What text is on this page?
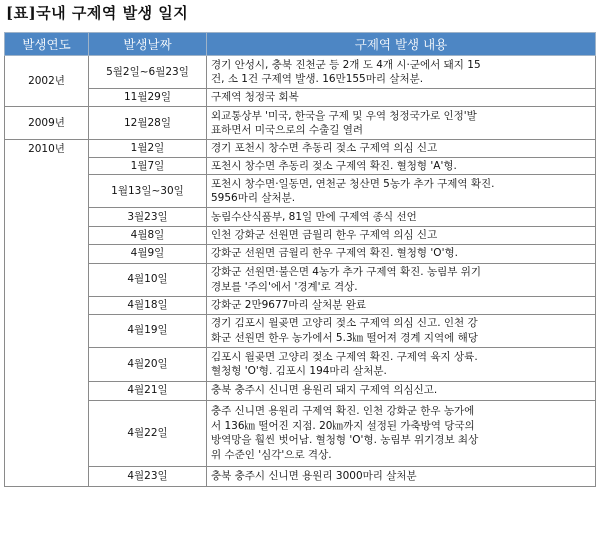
[표]국내 구제역 발생 일지
발생연도	발생날짜	구제역 발생 내용
2002년	5월2일~6월23일	경기 안성시, 충북 진천군 등 2개 도 4개 시·군에서 돼지 15
건, 소 1건 구제역 발생. 16만155마리 살처분.

	11월29일	구제역 청정국 회복

2009년	12월28일	외교통상부 '미국, 한국을 구제 및 우역 청정국가로 인정'발
표하면서 미국으로의 수출길 열려

2010년	1월2일	경기 포천시 창수면 추동리 젖소 구제역 의심 신고

	1월7일	포천시 창수면 추동리 젖소 구제역 확진. 혈청형 'A'형.

	1월13일~30일	포천시 창수면·일동면, 연천군 청산면 5농가 추가 구제역 확진.
5956마리 살처분.

	3월23일	농림수산식품부, 81일 만에 구제역 종식 선언

	4월8일	인천 강화군 선원면 금월리 한우 구제역 의심 신고

	4월9일	강화군 선원면 금월리 한우 구제역 확진. 혈청형 'O'형.

	4월10일	강화군 선원면·불은면 4농가 추가 구제역 확진. 농림부 위기
경보를 '주의'에서 '경계'로 격상.

	4월18일	강화군 2만9677마리 살처분 완료

	4월19일	경기 김포시 월곶면 고양리 젖소 구제역 의심 신고. 인천 강
화군 선원면 한우 농가에서 5.3㎞ 떨어져 경계 지역에 해당

	4월20일	김포시 월곶면 고양리 젖소 구제역 확진. 구제역 육지 상륙.
혈청형 'O'형. 김포시 194마리 살처분.

	4월21일	충북 충주시 신니면 용원리 돼지 구제역 의심신고.

	4월22일	충주 신니면 용원리 구제역 확진. 인천 강화군 한우 농가에
서 136㎞ 떨어진 지점. 20㎞까지 설정된 가축방역 당국의
방역망을 훨씬 벗어남. 혈청형 'O'형. 농림부 위기경보 최상
위 수준인 '심각'으로 격상.

	4월23일	충북 충주시 신니면 용원리 3000마리 살처분
